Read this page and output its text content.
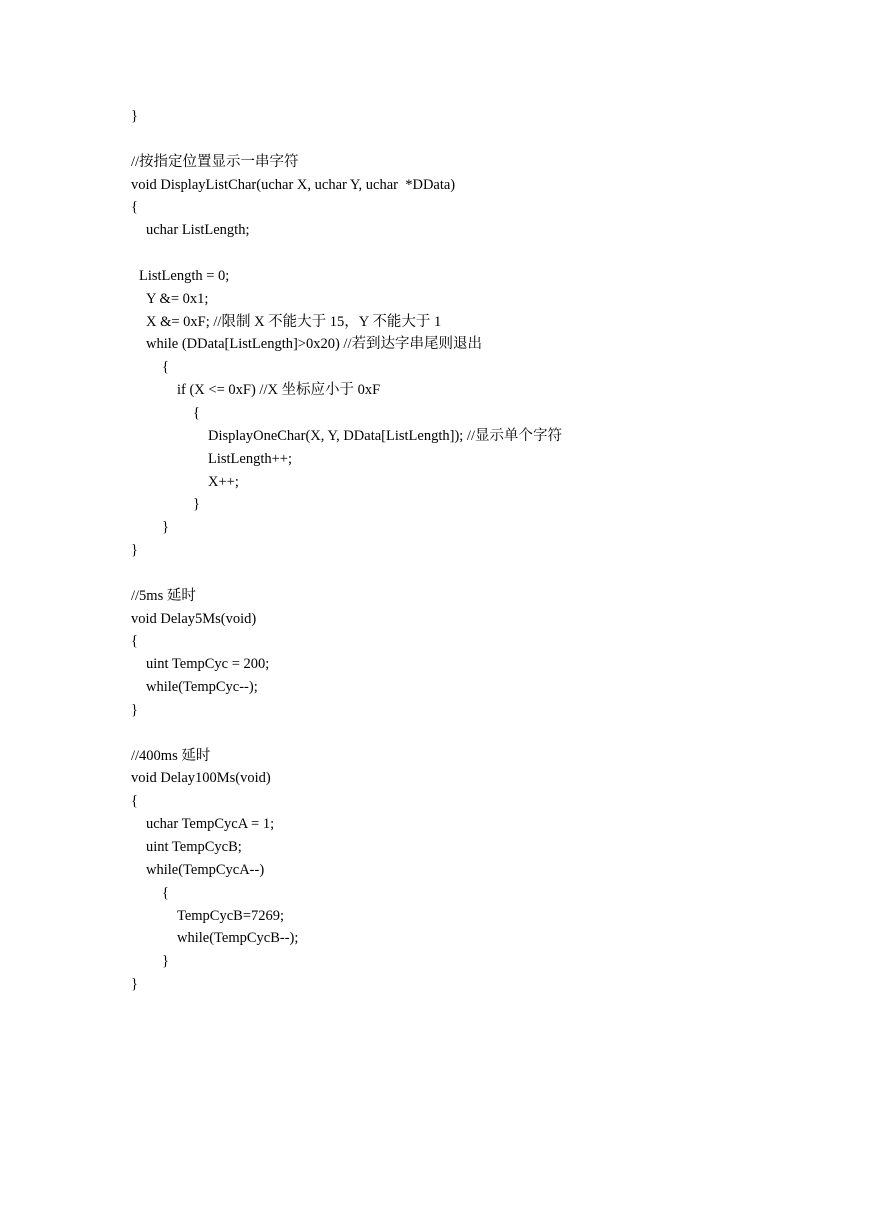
}
//按指定位置显示一串字符
void DisplayListChar(uchar X, uchar Y, uchar  *DData)
{
uchar ListLength;
ListLength = 0;
Y &= 0x1;
X &= 0xF; //限制 X 不能大于 15，Y 不能大于 1
while (DData[ListLength]>0x20) //若到达字串尾则退出
{
if (X <= 0xF) //X 坐标应小于 0xF
{
DisplayOneChar(X, Y, DData[ListLength]); //显示单个字符
ListLength++;
X++;
}
}
}
//5ms 延时
void Delay5Ms(void)
{
uint TempCyc = 200;
while(TempCyc--);
}
//400ms 延时
void Delay100Ms(void)
{
uchar TempCycA = 1;
uint TempCycB;
while(TempCycA--)
{
TempCycB=7269;
while(TempCycB--);
}
}
